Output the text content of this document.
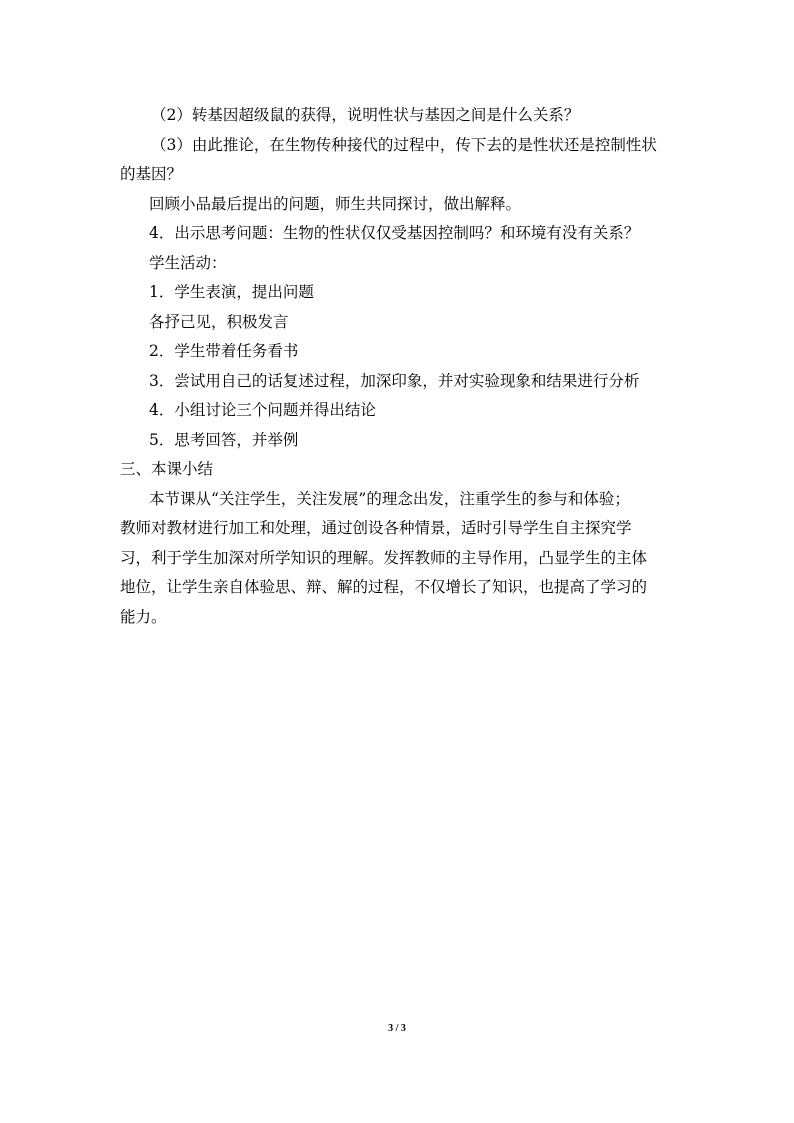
（2）转基因超级鼠的获得，说明性状与基因之间是什么关系？
（3）由此推论，在生物传种接代的过程中，传下去的是性状还是控制性状
的基因？
回顾小品最后提出的问题，师生共同探讨，做出解释。
4．出示思考问题：生物的性状仅仅受基因控制吗？和环境有没有关系？
学生活动：
1．学生表演，提出问题
各抒己见，积极发言
2．学生带着任务看书
3．尝试用自己的话复述过程，加深印象，并对实验现象和结果进行分析
4．小组讨论三个问题并得出结论
5．思考回答，并举例
三、本课小结
本节课从“关注学生，关注发展”的理念出发，注重学生的参与和体验；
教师对教材进行加工和处理，通过创设各种情景，适时引导学生自主探究学
习，利于学生加深对所学知识的理解。发挥教师的主导作用，凸显学生的主体
地位，让学生亲自体验思、辩、解的过程，不仅增长了知识，也提高了学习的
能力。
3 / 3
